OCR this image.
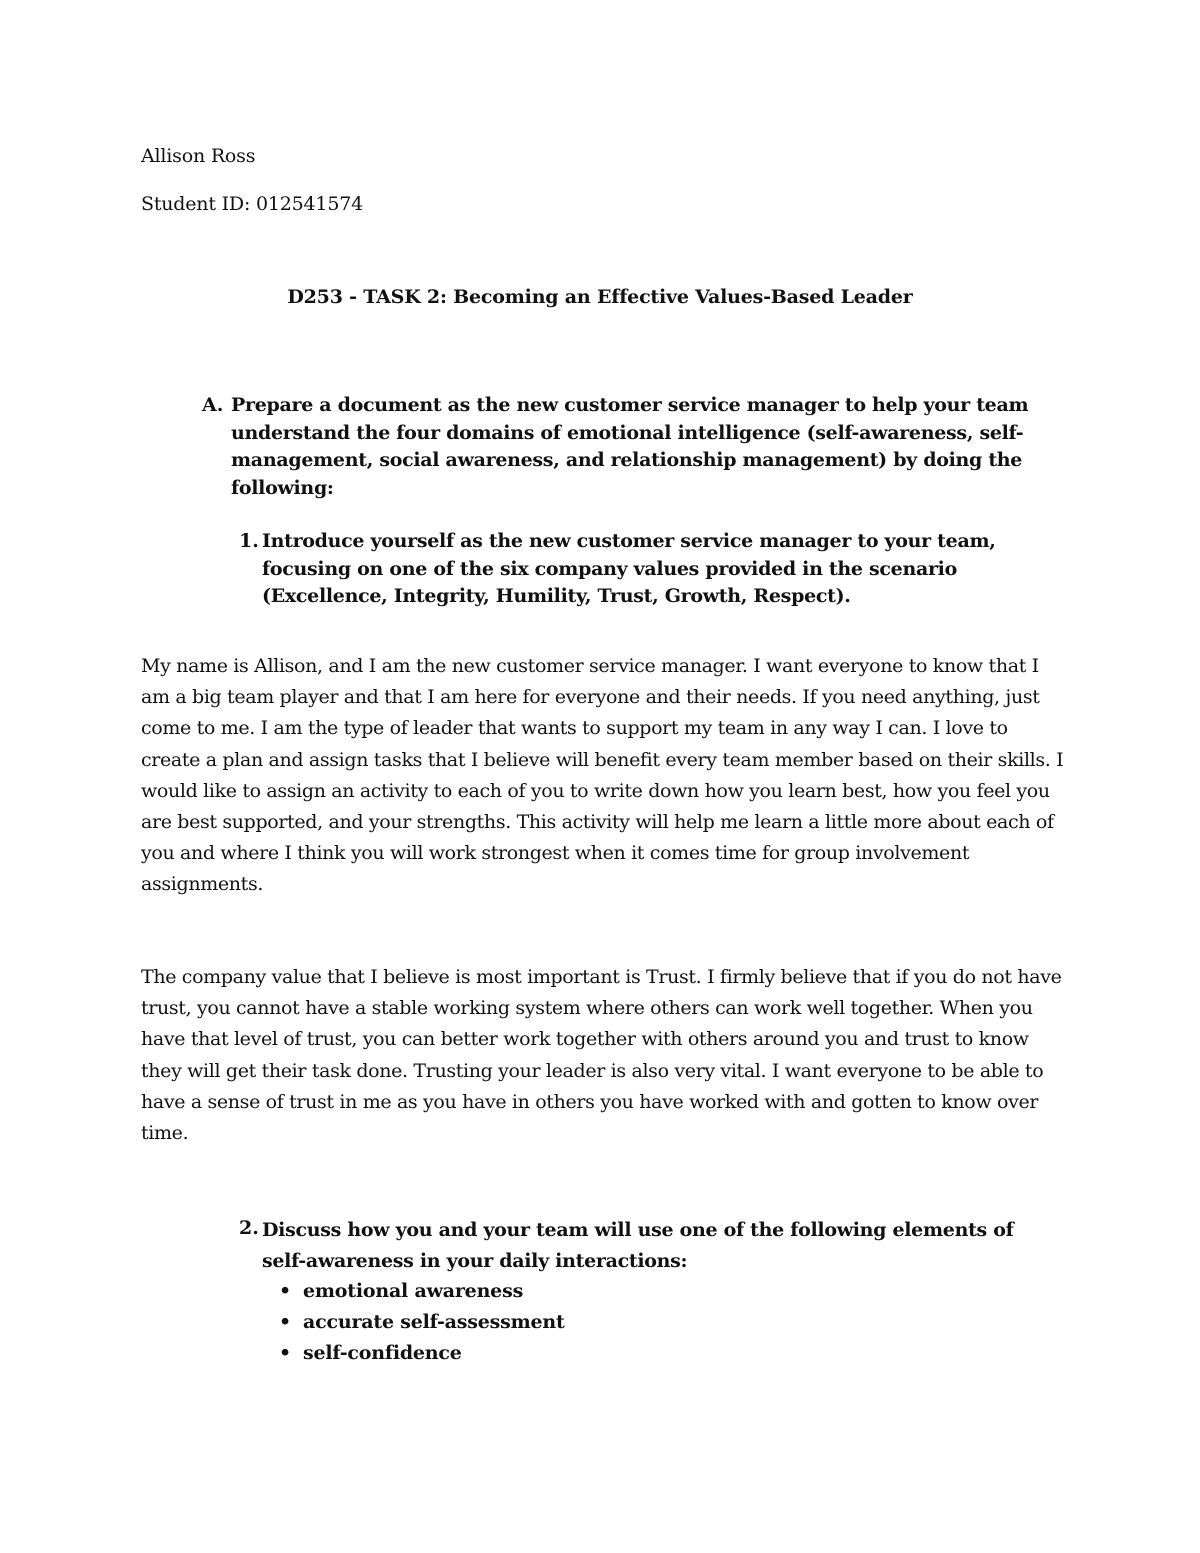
Allison Ross
Student ID: 012541574
D253 - TASK 2: Becoming an Effective Values-Based Leader
A. Prepare a document as the new customer service manager to help your team understand the four domains of emotional intelligence (self-awareness, self-management, social awareness, and relationship management) by doing the following:
1. Introduce yourself as the new customer service manager to your team, focusing on one of the six company values provided in the scenario (Excellence, Integrity, Humility, Trust, Growth, Respect).
My name is Allison, and I am the new customer service manager. I want everyone to know that I am a big team player and that I am here for everyone and their needs. If you need anything, just come to me. I am the type of leader that wants to support my team in any way I can. I love to create a plan and assign tasks that I believe will benefit every team member based on their skills. I would like to assign an activity to each of you to write down how you learn best, how you feel you are best supported, and your strengths. This activity will help me learn a little more about each of you and where I think you will work strongest when it comes time for group involvement assignments.
The company value that I believe is most important is Trust. I firmly believe that if you do not have trust, you cannot have a stable working system where others can work well together. When you have that level of trust, you can better work together with others around you and trust to know they will get their task done. Trusting your leader is also very vital. I want everyone to be able to have a sense of trust in me as you have in others you have worked with and gotten to know over time.
2. Discuss how you and your team will use one of the following elements of self-awareness in your daily interactions:
• emotional awareness
• accurate self-assessment
• self-confidence
